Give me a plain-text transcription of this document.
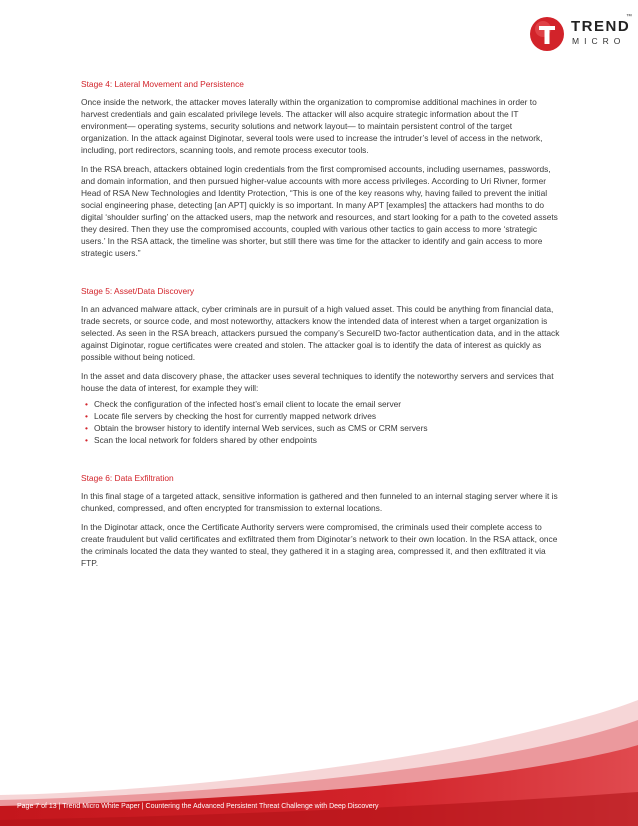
TREND
MICRO
™
Stage 4: Lateral Movement and Persistence

Once inside the network, the attacker moves laterally within the organization to compromise additional machines in order to harvest credentials and gain escalated privilege levels. The attacker will also acquire strategic information about the IT environment— operating systems, security solutions and network layout— to maintain persistent control of the target organization. In the attack against Diginotar, several tools were used to increase the intruder’s level of access in the network, including, port redirectors, scanning tools, and remote process executor tools.

In the RSA breach, attackers obtained login credentials from the first compromised accounts, including usernames, passwords, and domain information, and then pursued higher-value accounts with more access privileges. According to Uri Rivner, former Head of RSA New Technologies and Identity Protection, “This is one of the key reasons why, having failed to prevent the initial social engineering phase, detecting [an APT] quickly is so important. In many APT [examples] the attackers had months to do digital ‘shoulder surfing’ on the attacked users, map the network and resources, and start looking for a path to the coveted assets they desired. Then they use the compromised accounts, coupled with various other tactics to gain access to more ‘strategic users.’ In the RSA attack, the timeline was shorter, but still there was time for the attacker to identify and gain access to more strategic users.”

Stage 5: Asset/Data Discovery

In an advanced malware attack, cyber criminals are in pursuit of a high valued asset. This could be anything from financial data, trade secrets, or source code, and most noteworthy, attackers know the intended data of interest when a target organization is selected. As seen in the RSA breach, attackers pursued the company’s SecureID two-factor authentication data, and in the attack against Diginotar, rogue certificates were created and stolen. The attacker goal is to identify the data of interest as quickly as possible without being noticed.

In the asset and data discovery phase, the attacker uses several techniques to identify the noteworthy servers and services that house the data of interest, for example they will:

• Check the configuration of the infected host’s email client to locate the email server
• Locate file servers by checking the host for currently mapped network drives
• Obtain the browser history to identify internal Web services, such as CMS or CRM servers
• Scan the local network for folders shared by other endpoints
Stage 6: Data Exfiltration

In this final stage of a targeted attack, sensitive information is gathered and then funneled to an internal staging server where it is chunked, compressed, and often encrypted for transmission to external locations.

In the Diginotar attack, once the Certificate Authority servers were compromised, the criminals used their complete access to create fraudulent but valid certificates and exfiltrated them from Diginotar’s network to their own location. In the RSA attack, once the criminals located the data they wanted to steal, they gathered it in a staging area, compressed it, and then exfiltrated it via FTP.

Page 7 of 13 | Trend Micro White Paper | Countering the Advanced Persistent Threat Challenge with Deep Discovery
